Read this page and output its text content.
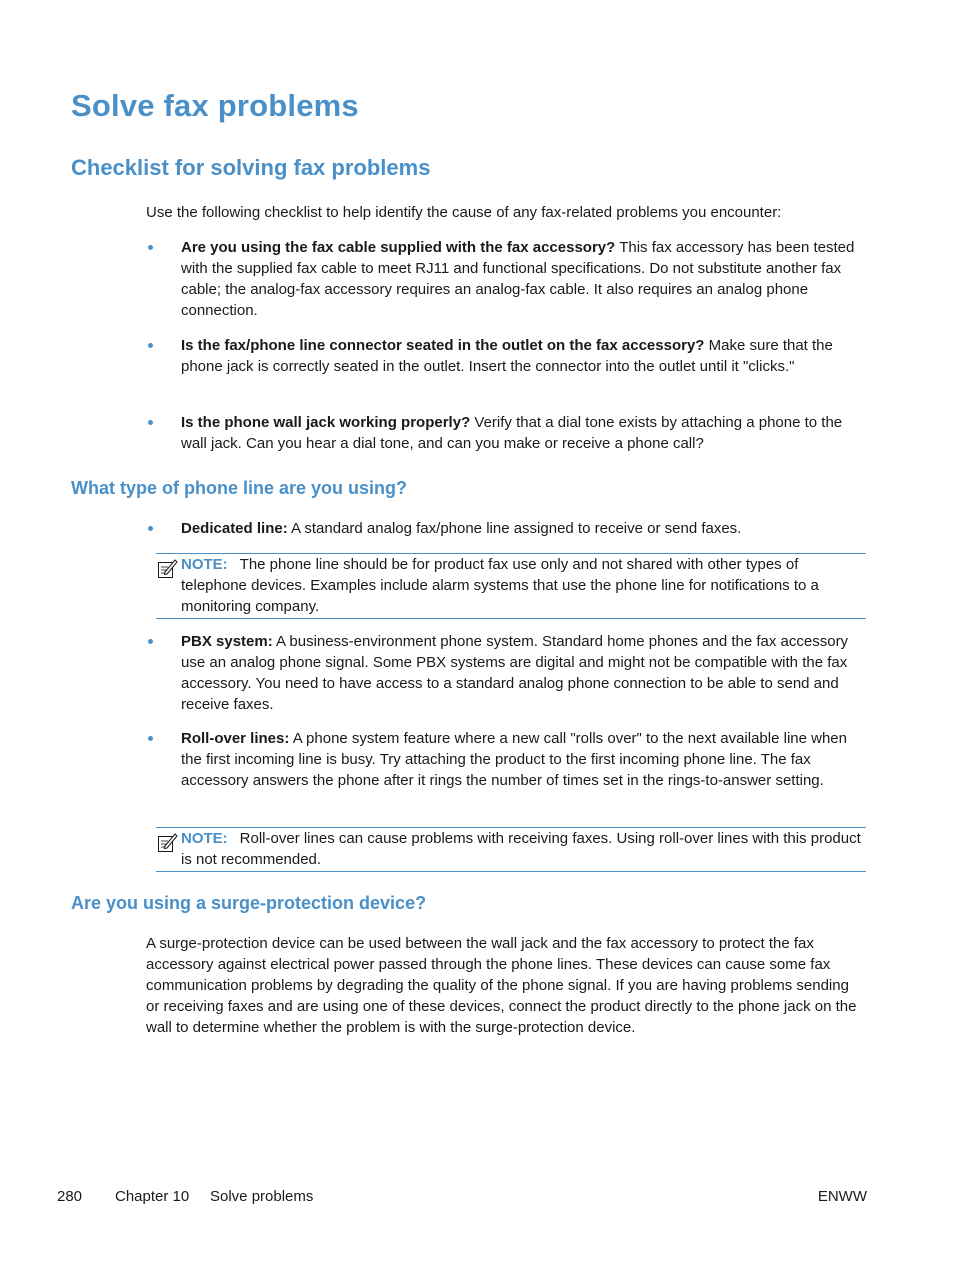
Solve fax problems
Checklist for solving fax problems

Use the following checklist to help identify the cause of any fax-related problems you encounter:

Are you using the fax cable supplied with the fax accessory? This fax accessory has been tested with the supplied fax cable to meet RJ11 and functional specifications. Do not substitute another fax cable; the analog-fax accessory requires an analog-fax cable. It also requires an analog phone connection.
Is the fax/phone line connector seated in the outlet on the fax accessory? Make sure that the phone jack is correctly seated in the outlet. Insert the connector into the outlet until it "clicks."
Is the phone wall jack working properly? Verify that a dial tone exists by attaching a phone to the wall jack. Can you hear a dial tone, and can you make or receive a phone call?
What type of phone line are you using?
Dedicated line: A standard analog fax/phone line assigned to receive or send faxes.
NOTE: The phone line should be for product fax use only and not shared with other types of telephone devices. Examples include alarm systems that use the phone line for notifications to a monitoring company.
PBX system: A business-environment phone system. Standard home phones and the fax accessory use an analog phone signal. Some PBX systems are digital and might not be compatible with the fax accessory. You need to have access to a standard analog phone connection to be able to send and receive faxes.
Roll-over lines: A phone system feature where a new call "rolls over" to the next available line when the first incoming line is busy. Try attaching the product to the first incoming phone line. The fax accessory answers the phone after it rings the number of times set in the rings-to-answer setting.
NOTE: Roll-over lines can cause problems with receiving faxes. Using roll-over lines with this product is not recommended.
Are you using a surge-protection device?

A surge-protection device can be used between the wall jack and the fax accessory to protect the fax accessory against electrical power passed through the phone lines. These devices can cause some fax communication problems by degrading the quality of the phone signal. If you are having problems sending or receiving faxes and are using one of these devices, connect the product directly to the phone jack on the wall to determine whether the problem is with the surge-protection device.

280 Chapter 10 Solve problems	ENWW
